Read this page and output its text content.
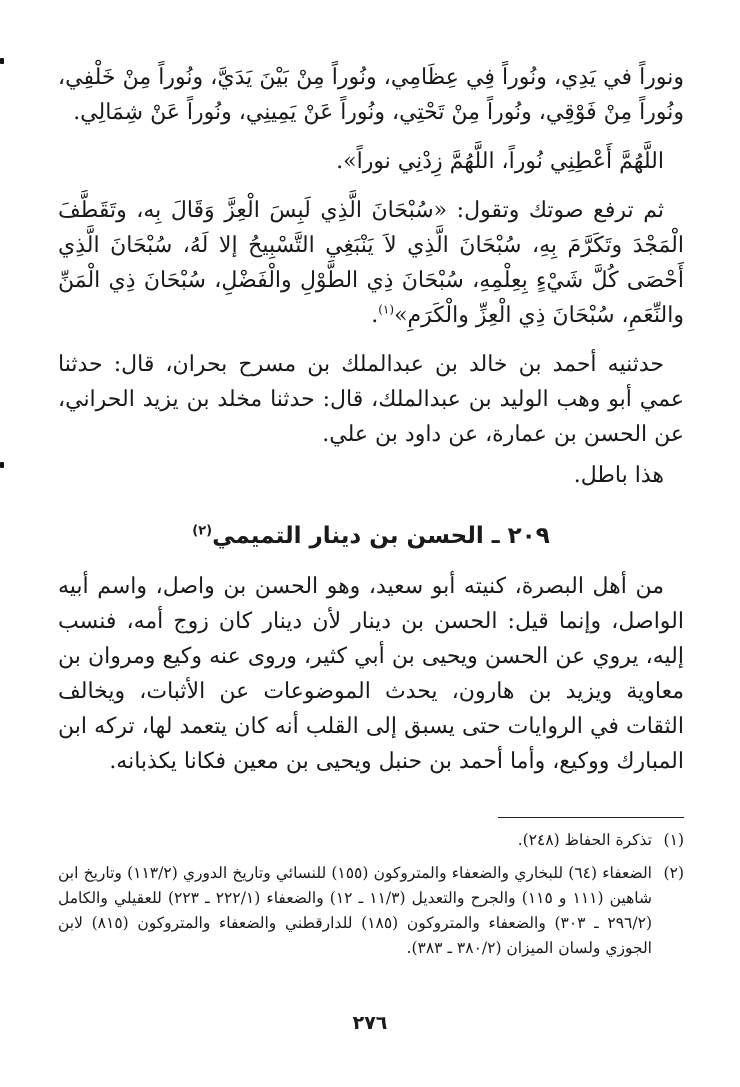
ونوراً في يَدِي، ونُوراً فِي عِظَامِي، ونُوراً مِنْ بَيْنَ يَدَيَّ، ونُوراً مِنْ خَلْفِي، ونُوراً مِنْ فَوْقِي، ونُوراً مِنْ تَحْتِي، ونُوراً عَنْ يَمِينِي، ونُوراً عَنْ شِمَالِي.

اللَّهُمَّ أَعْطِنِي نُوراً، اللَّهُمَّ زِدْنِي نوراً».

ثم ترفع صوتك وتقول: «سُبْحَانَ الَّذِي لَبِسَ الْعِزَّ وَقَالَ بِه، وتَقَطَّفَ الْمَجْدَ وتَكَرَّمَ بِهِ، سُبْحَانَ الَّذِي لاَ يَنْبَغِي التَّسْبِيحُ إلا لَهُ، سُبْحَانَ الَّذِي أَحْصَى كُلَّ شَيْءٍ بِعِلْمِهِ، سُبْحَانَ ذِي الطَّوْلِ والْفَضْلِ، سُبْحَانَ ذِي الْمَنِّ والنِّعَمِ، سُبْحَانَ ذِي الْعِزِّ والْكَرَمِ»$^{(١)}$.

حدثنيه أحمد بن خالد بن عبدالملك بن مسرح بحران، قال: حدثنا عمي أبو وهب الوليد بن عبدالملك، قال: حدثنا مخلد بن يزيد الحراني، عن الحسن بن عمارة، عن داود بن علي.

هذا باطل.

٢٠٩ ـ الحسن بن دينار التميمي$^{(٢)}$

من أهل البصرة، كنيته أبو سعيد، وهو الحسن بن واصل، واسم أبيه الواصل، وإنما قيل: الحسن بن دينار لأن دينار كان زوج أمه، فنسب إليه، يروي عن الحسن ويحيى بن أبي كثير، وروى عنه وكيع ومروان بن معاوية ويزيد بن هارون، يحدث الموضوعات عن الأثبات، ويخالف الثقات في الروايات حتى يسبق إلى القلب أنه كان يتعمد لها، تركه ابن المبارك ووكيع، وأما أحمد بن حنبل ويحيى بن معين فكانا يكذبانه.

(١)
تذكرة الحفاظ (٢٤٨).
(٢)
الضعفاء (٦٤) للبخاري والضعفاء والمتروكون (١٥٥) للنسائي وتاريخ الدوري (١١٣/٢) وتاريخ ابن شاهين (١١١ و ١١٥) والجرح والتعديل (١١/٣ ـ ١٢) والضعفاء (٢٢٢/١ ـ ٢٢٣) للعقيلي والكامل (٢٩٦/٢ ـ ٣٠٣) والضعفاء والمتروكون (١٨٥) للدارقطني والضعفاء والمتروكون (٨١٥) لابن الجوزي ولسان الميزان (٣٨٠/٢ ـ ٣٨٣).
٢٧٦
